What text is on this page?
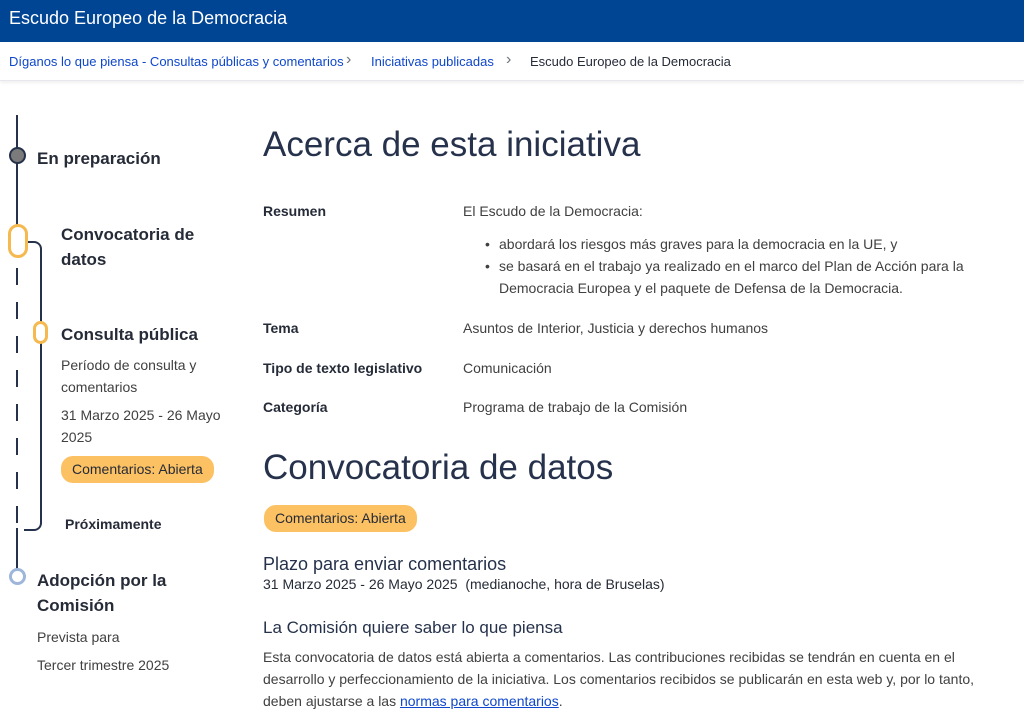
Escudo Europeo de la Democracia
Díganos lo que piensa - Consultas públicas y comentarios › Iniciativas publicadas › Escudo Europeo de la Democracia
En preparación
Convocatoria de
datos
Consulta pública
Período de consulta y
comentarios
31 Marzo 2025 - 26 Mayo
2025
Comentarios: Abierta
Próximamente
Adopción por la
Comisión
Prevista para
Tercer trimestre 2025
Acerca de esta iniciativa
Resumen	El Escudo de la Democracia:
• abordará los riesgos más graves para la democracia en la UE, y
• se basará en el trabajo ya realizado en el marco del Plan de Acción para la Democracia Europea y el paquete de Defensa de la Democracia.
Tema	Asuntos de Interior, Justicia y derechos humanos
Tipo de texto legislativo	Comunicación
Categoría	Programa de trabajo de la Comisión
Convocatoria de datos
Comentarios: Abierta
Plazo para enviar comentarios
31 Marzo 2025 - 26 Mayo 2025 (medianoche, hora de Bruselas)
La Comisión quiere saber lo que piensa
Esta convocatoria de datos está abierta a comentarios. Las contribuciones recibidas se tendrán en cuenta en el desarrollo y perfeccionamiento de la iniciativa. Los comentarios recibidos se publicarán en esta web y, por lo tanto, deben ajustarse a las normas para comentarios.
